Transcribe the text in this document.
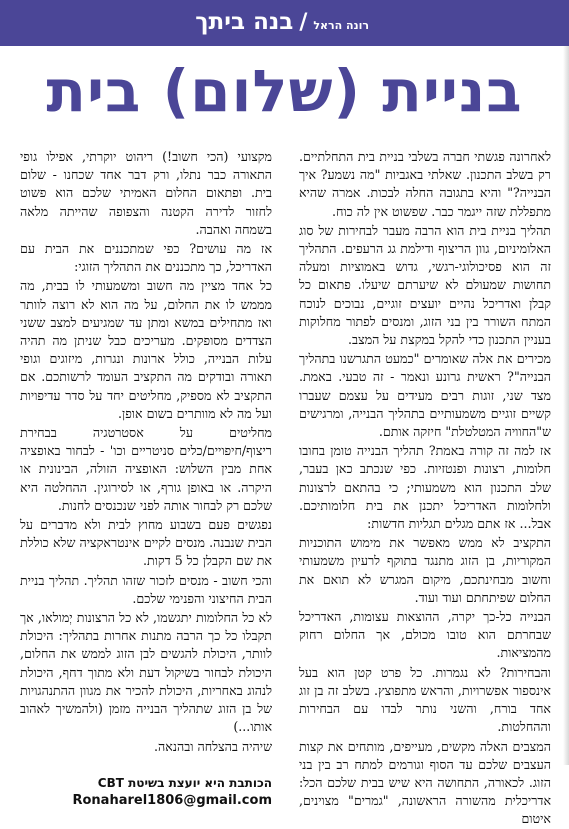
בנה ביתך / רונה הראל
בניית (שלום) בית

לאחרונה פגשתי חברה בשלבי בניית בית התחלתיים. רק בשלב התכנון. שאלתי באגביות "מה נשמע? איך הבנייה?" והיא בתגובה החלה לבכות. אמרה שהיא מתפללת שזה ייגמר כבר. שפשוט אין לה כוח.

תהליך בניית בית הוא הרבה מעבר לבחירות של סוג האלומיניום, גוון הריצוף ודילמת גג הרעפים. התהליך זה הוא פסיכולוגי-רגשי, גדוש באמוציות ומעלה תחושות שמעולם לא שיערתם שיעלו. פתאום כל קבלן ואדריכל נהיים יועצים זוגיים, נבוכים לנוכח המתח השורר בין בני הזוג, ומנסים לפתור מחלוקות בעניין התכנון כדי להקל במקצת על המצב.

מכירים את אלה שאומרים "כמעט התגרשנו בתהליך הבנייה"? ראשית גרונע ונאמר - זה טבעי. באמת. מצד שני, זוגות רבים מעידים על עצמם שעברו קשיים זוגיים משמעותיים בתהליך הבנייה, ומרגישים ש"החוויה המטלטלת" חיזקה אותם.

אז למה זה קורה באמת? תהליך הבנייה טומן בחובו חלומות, רצונות ופנטזיות. כפי שנכתב כאן בעבר, שלב התכנון הוא משמעותי; כי בהתאם לרצונות ולחלומות האדריכל יתכנן את בית חלומותיכם. אבל... אז אתם מגלים תגליות חדשות:

התקציב לא ממש מאפשר את מימוש התוכניות המקוריות, בן הזוג מתנגד בתוקף לרעיון משמעותי וחשוב מבחינתכם, מיקום המגרש לא תואם את החלום שפיתחתם ועוד ועוד.

הבנייה כל-כך יקרה, ההוצאות עצומות, האדריכל שבחרתם הוא טובו מכולם, אך החלום רחוק מהמציאות.

והבחירות? לא נגמרות. כל פרט קטן הוא בעל אינספור אפשרויות, והראש מתפוצץ. בשלב זה בן זוג אחד בורח, והשני נותר לבדו עם הבחירות וההחלטות.

המצבים האלה מקשים, מעייפים, מותחים את קצות העצבים שלכם עד הסוף וגורמים למתח רב בין בני הזוג. לכאורה, התחושה היא שיש בבית שלכם הכל: אדריכלית מהשורה הראשונה, "גמרים" מצוינים, איטום

מקצועי (הכי חשוב!) ריהוט יוקרתי, אפילו גופי התאורה כבר נתלו, ורק דבר אחד שכחנו - שלום בית. ופתאום החלום האמיתי שלכם הוא פשוט לחזור לדירה הקטנה והצפופה שהייתה מלאה בשמחה ואהבה.

אז מה עושים? כפי שמתכננים את הבית עם האדריכל, כך מתכננים את התהליך הזוגי:

כל אחד מציין מה חשוב ומשמעותי לו בבית, מה מממש לו את החלום, על מה הוא לא רוצה לוותר ואז מתחילים במשא ומתן עד שמגיעים למצב ששני הצדדים מסופקים. מעריכים כבל שניתן מה תהיה עלות הבנייה, כולל ארונות ונגרות, מיזוגים וגופי תאורה ובודקים מה התקציב העומד לרשותכם. אם התקציב לא מספיק, מחליטים יחד על סדר עדיפויות ועל מה לא מוותרים בשום אופן.

מחליטים על אסטרטגיה בבחירת ריצוף/חיפויים/כלים סניטריים וכו' - לבחור באופציה אחת מבין השלוש: האופציה הזולה, הבינונית או היקרה. או באופן גורף, או לסירוגין. ההחלטה היא שלכם רק לבחור אותה לפני שנכנסים לחנות.

נפגשים פעם בשבוע מחוץ לבית ולא מדברים על הבית שנבנה. מנסים לקיים אינטראקציה שלא כוללת את שם הקבלן כל 5 דקות.

והכי חשוב - מנסים לזכור שזהו תהליך. תהליך בניית הבית החיצוני והפנימי שלכם.

לא כל החלומות יתגשמו, לא כל הרצונות יְמולאו, אך תקבלו כל כך הרבה מתנות אחרות בתהליך: היכולת לוותר, היכולת להגשים לבן הזוג לממש את החלום, היכולת לבחור בשיקול דעת ולא מתוך דחף, היכולת לנהוג באחריות, היכולת להכיר את מגוון ההתנהגויות של בן הזוג שתהליך הבנייה מזמן (ולהמשיך לאהוב אותו...)

שיהיה בהצלחה ובהנאה.

הכותבת היא יועצת בשיטת CBT
Ronaharel1806@gmail.com
